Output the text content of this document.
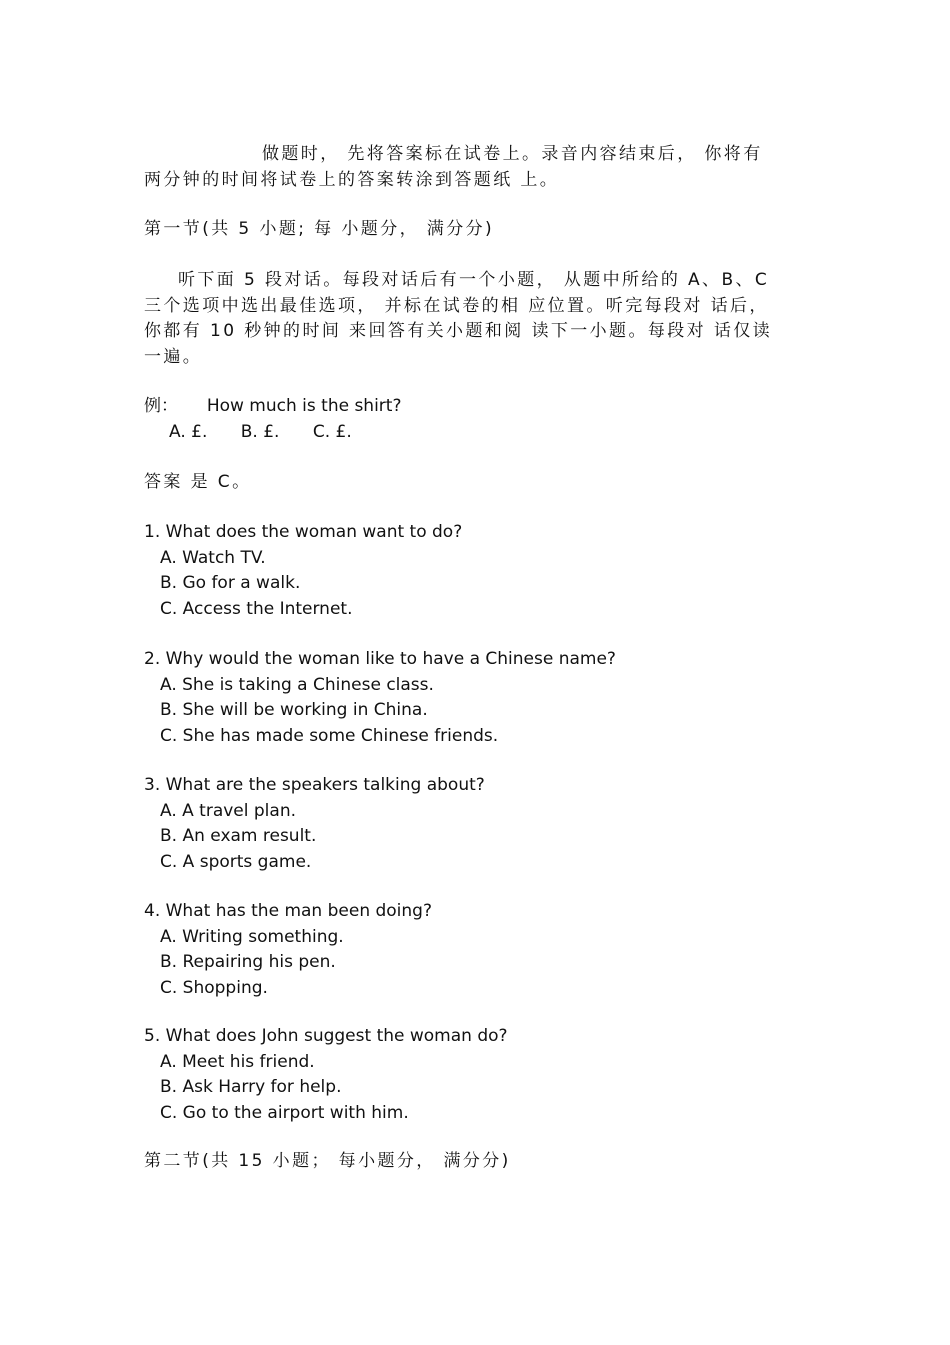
做题时， 先将答案标在试卷上。录音内容结束后， 你将有
两分钟的时间将试卷上的答案转涂到答题纸 上。
第一节(共 5 小题; 每 小题分， 满分分)
听下面 5 段对话。每段对话后有一个小题， 从题中所给的 A、B、C
三个选项中选出最佳选项， 并标在试卷的相 应位置。听完每段对 话后，
你都有 10 秒钟的时间 来回答有关小题和阅 读下一小题。每段对 话仅读
一遍。
例： How much is the shirt?
A. £. B. £. C. £.
答案 是 C。
1. What does the woman want to do?
A. Watch TV.
B. Go for a walk.
C. Access the Internet.
2. Why would the woman like to have a Chinese name?
A. She is taking a Chinese class.
B. She will be working in China.
C. She has made some Chinese friends.
3. What are the speakers talking about?
A. A travel plan.
B. An exam result.
C. A sports game.
4. What has the man been doing?
A. Writing something.
B. Repairing his pen.
C. Shopping.
5. What does John suggest the woman do?
A. Meet his friend.
B. Ask Harry for help.
C. Go to the airport with him.
第二节(共 15 小题； 每小题分， 满分分)
